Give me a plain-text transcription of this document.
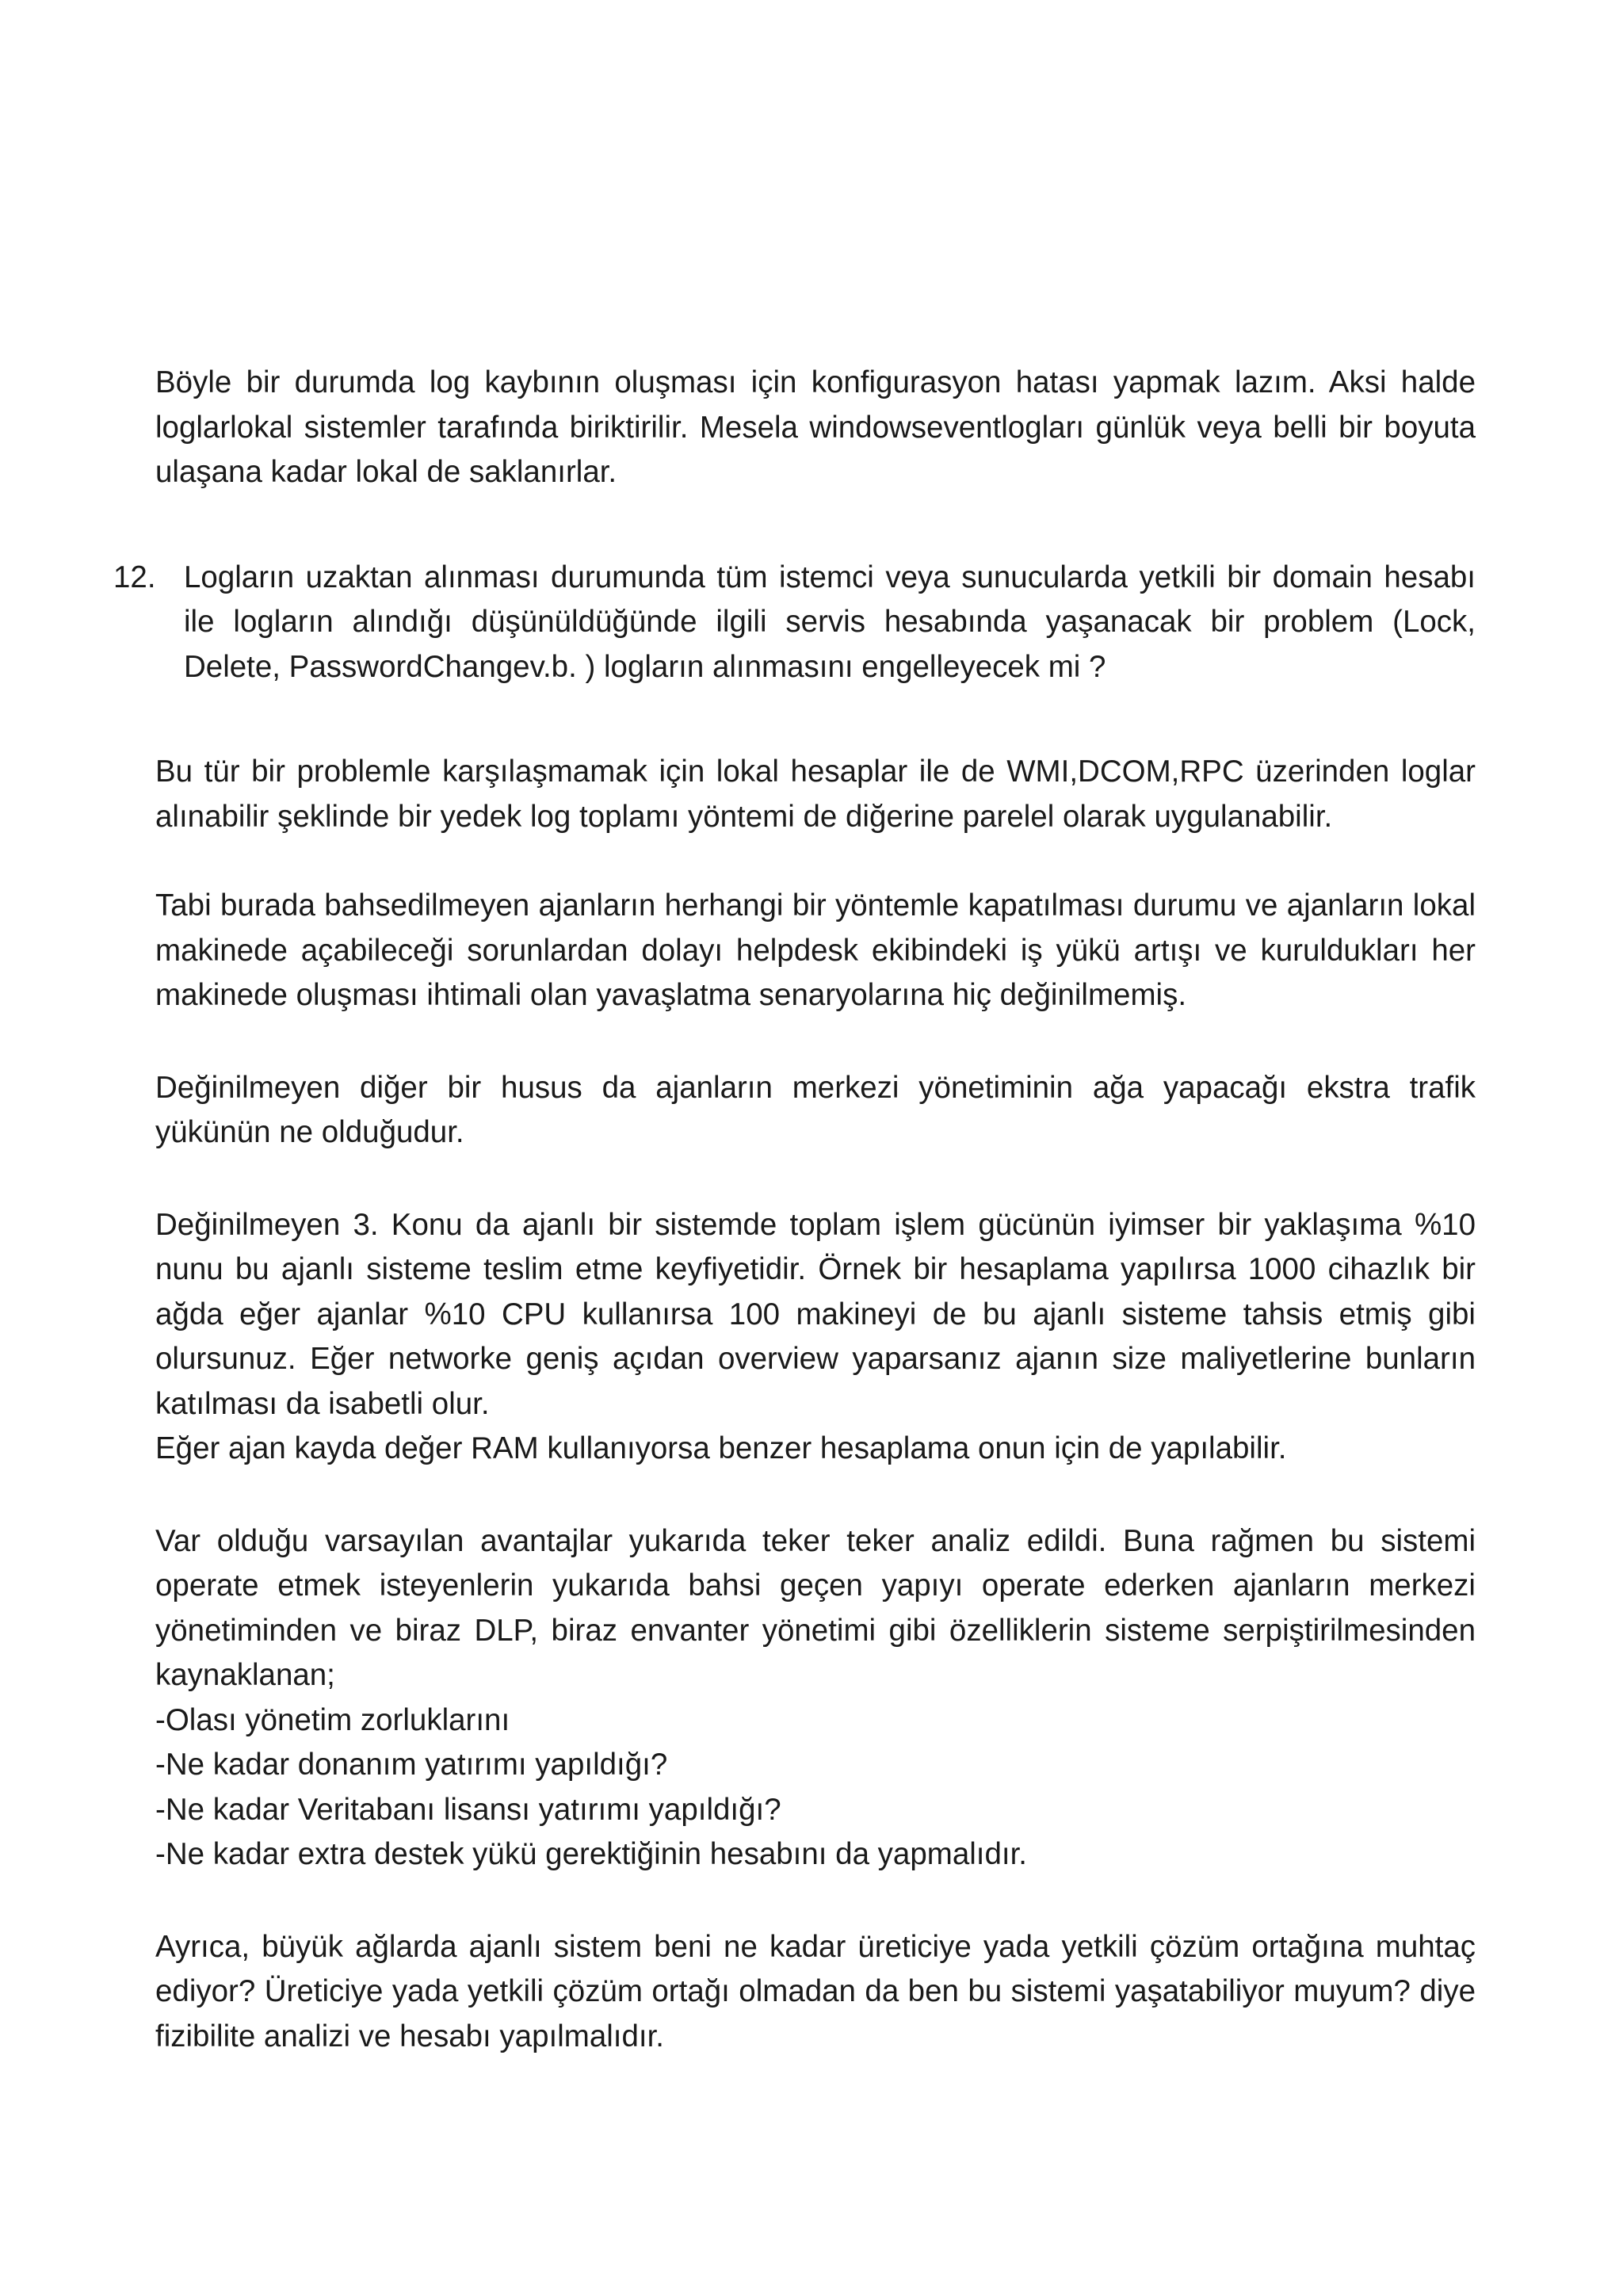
Böyle bir durumda log kaybının oluşması için konfigurasyon hatası yapmak lazım. Aksi halde loglarlokal sistemler tarafında biriktirilir. Mesela windowseventlogları günlük veya belli bir boyuta ulaşana kadar lokal de saklanırlar.

12. Logların uzaktan alınması durumunda tüm istemci veya sunucularda yetkili bir domain hesabı ile logların alındığı düşünüldüğünde ilgili servis hesabında yaşanacak bir problem (Lock, Delete, PasswordChangev.b. ) logların alınmasını engelleyecek mi ?

Bu tür bir problemle karşılaşmamak için lokal hesaplar ile de WMI,DCOM,RPC üzerinden loglar alınabilir şeklinde bir yedek log toplamı yöntemi de diğerine parelel olarak uygulanabilir.

Tabi burada bahsedilmeyen ajanların herhangi bir yöntemle kapatılması durumu ve ajanların lokal makinede açabileceği sorunlardan dolayı helpdesk ekibindeki iş yükü artışı ve kuruldukları her makinede oluşması ihtimali olan yavaşlatma senaryolarına hiç değinilmemiş.

Değinilmeyen diğer bir husus da ajanların merkezi yönetiminin ağa yapacağı ekstra trafik yükünün ne olduğudur.

Değinilmeyen 3. Konu da ajanlı bir sistemde toplam işlem gücünün iyimser bir yaklaşıma %10 nunu bu ajanlı sisteme teslim etme keyfiyetidir. Örnek bir hesaplama yapılırsa 1000 cihazlık bir ağda eğer ajanlar %10 CPU kullanırsa 100 makineyi de bu ajanlı sisteme tahsis etmiş gibi olursunuz. Eğer networke geniş açıdan overview yaparsanız ajanın size maliyetlerine bunların katılması da isabetli olur.

Eğer ajan kayda değer RAM kullanıyorsa benzer hesaplama onun için de yapılabilir.

Var olduğu varsayılan avantajlar yukarıda teker teker analiz edildi. Buna rağmen bu sistemi operate etmek isteyenlerin yukarıda bahsi geçen yapıyı operate ederken ajanların merkezi yönetiminden ve biraz DLP, biraz envanter yönetimi gibi özelliklerin sisteme serpiştirilmesinden kaynaklanan;

-Olası yönetim zorluklarını
-Ne kadar donanım yatırımı yapıldığı?
-Ne kadar Veritabanı lisansı yatırımı yapıldığı?
-Ne kadar extra destek yükü gerektiğinin hesabını da yapmalıdır.

Ayrıca, büyük ağlarda ajanlı sistem beni ne kadar üreticiye yada yetkili çözüm ortağına muhtaç ediyor? Üreticiye yada yetkili çözüm ortağı olmadan da ben bu sistemi yaşatabiliyor muyum? diye fizibilite analizi ve hesabı yapılmalıdır.
